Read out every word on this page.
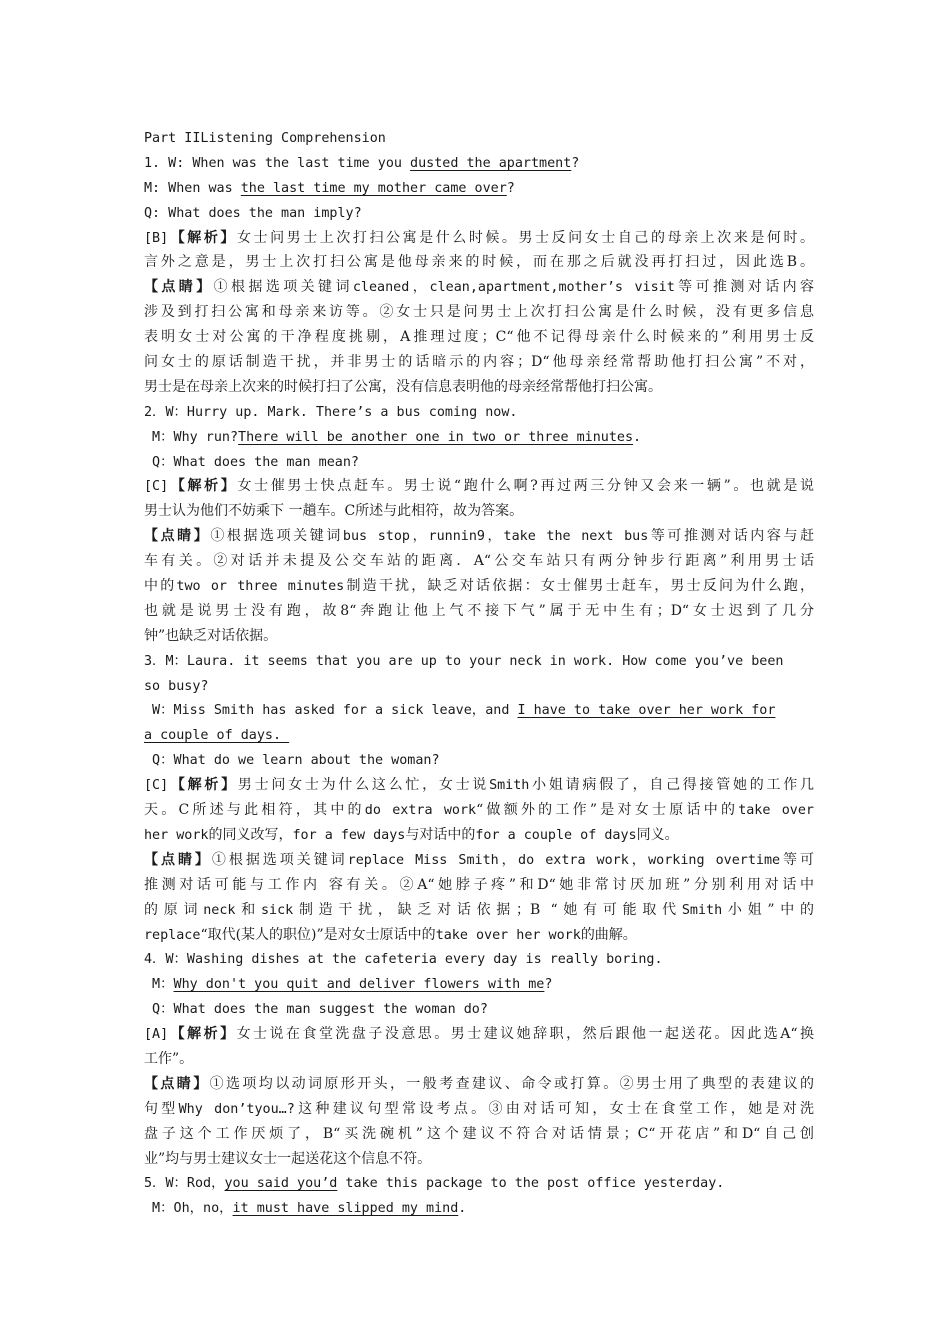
Part IIListening Comprehension
1. W: When was the last time you dusted the apartment?
M: When was the last time my mother came over?
Q: What does the man imply?
[B]【解析】女士问男士上次打扫公寓是什么时候。男士反问女士自己的母亲上次来是何时。
言外之意是，男士上次打扫公寓是他母亲来的时候，而在那之后就没再打扫过，因此选B。
【点睛】①根据选项关键词cleaned，clean,apartment,mother’s visit等可推测对话内容
涉及到打扫公寓和母亲来访等。②女士只是问男士上次打扫公寓是什么时候，没有更多信息
表明女士对公寓的干净程度挑剔，A推理过度；C“他不记得母亲什么时候来的”利用男士反
问女士的原话制造干扰，并非男士的话暗示的内容；D“他母亲经常帮助他打扫公寓”不对，
男士是在母亲上次来的时候打扫了公寓，没有信息表明他的母亲经常帮他打扫公寓。
2．W：Hurry up. Mark. There’s a bus coming now.
M：Why run?There will be another one in two or three minutes.
Q：What does the man mean?
[C]【解析】女士催男士快点赶车。男士说“跑什么啊?再过两三分钟又会来一辆”。也就是说
男士认为他们不妨乘下 一趟车。C所述与此相符，故为答案。
【点睛】①根据选项关键词bus stop，runnin9，take the next bus等可推测对话内容与赶
车有关。②对话并未提及公交车站的距离．A“公交车站只有两分钟步行距离”利用男士话
中的two or three minutes制造干扰，缺乏对话依据：女士催男士赶车，男士反问为什么跑，
也就是说男士没有跑，故8“奔跑让他上气不接下气”属于无中生有；D“女士迟到了几分
钟”也缺乏对话依据。
3．M：Laura. it seems that you are up to your neck in work. How come you’ve been
so busy?
W：Miss Smith has asked for a sick leave，and I have to take over her work for
a couple of days.
Q：What do we learn about the woman?
[C]【解析】男士问女士为什么这么忙，女士说Smith小姐请病假了，自己得接管她的工作几
天。C所述与此相符，其中的do extra work“做额外的工作”是对女士原话中的take over
her work的同义改写，for a few days与对话中的for a couple of days同义。
【点睛】①根据选项关键词replace Miss Smith，do extra work，working overtime等可
推测对话可能与工作内 容有关。②A“她脖子疼”和D“她非常讨厌加班”分别利用对话中
的原词neck和sick制造干扰，缺乏对话依据；B “她有可能取代Smith小姐”中的
replace“取代(某人的职位)”是对女士原话中的take over her work的曲解。
4．W：Washing dishes at the cafeteria every day is really boring.
M：Why don't you quit and deliver flowers with me?
Q：What does the man suggest the woman do?
[A]【解析】女士说在食堂洗盘子没意思。男士建议她辞职，然后跟他一起送花。因此选A“换
工作”。
【点睛】①选项均以动词原形开头，一般考查建议、命令或打算。②男士用了典型的表建议的
句型Why don’tyou…?这种建议句型常设考点。③由对话可知，女士在食堂工作，她是对洗
盘子这个工作厌烦了，B“买洗碗机”这个建议不符合对话情景；C“开花店”和D“自己创
业”均与男士建议女士一起送花这个信息不符。
5．W：Rod，you said you’d take this package to the post office yesterday.
M：Oh，no，it must have slipped my mind.
